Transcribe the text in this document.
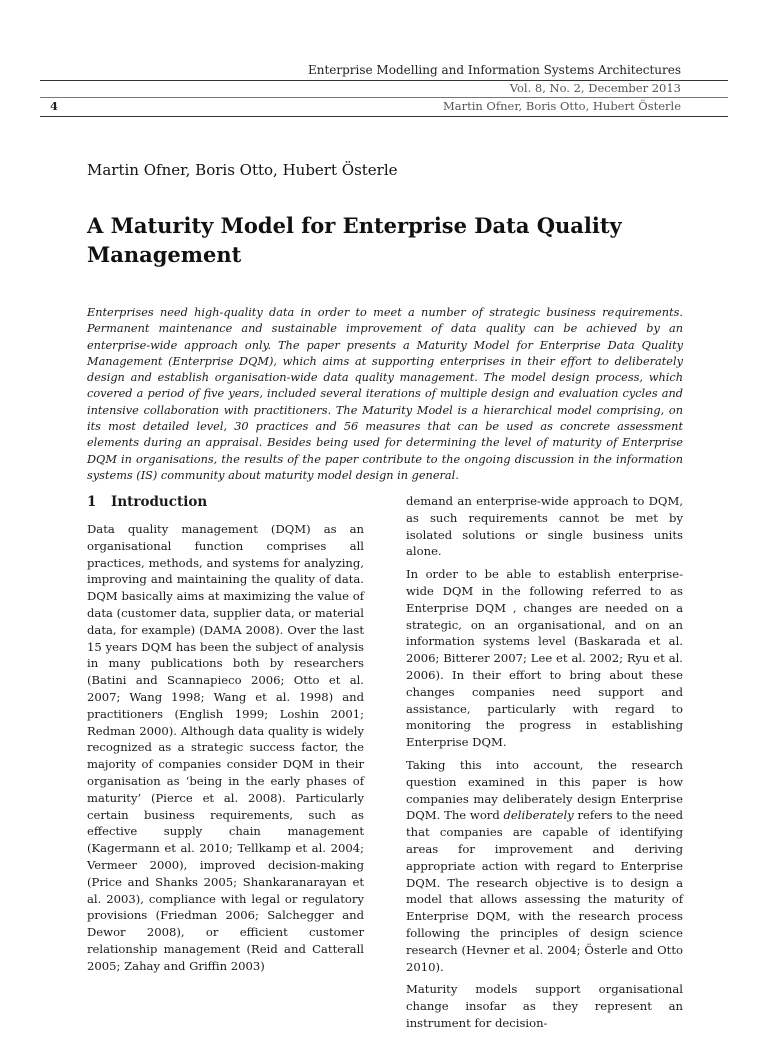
Enterprise Modelling and Information Systems Architectures
Vol. 8, No. 2, December 2013
4	Martin Ofner, Boris Otto, Hubert Österle
Martin Ofner, Boris Otto, Hubert Österle
A Maturity Model for Enterprise Data Quality Management
Enterprises need high-quality data in order to meet a number of strategic business requirements. Permanent maintenance and sustainable improvement of data quality can be achieved by an enterprise-wide approach only. The paper presents a Maturity Model for Enterprise Data Quality Management (Enterprise DQM), which aims at supporting enterprises in their effort to deliberately design and establish organisation-wide data quality management. The model design process, which covered a period of five years, included several iterations of multiple design and evaluation cycles and intensive collaboration with practitioners. The Maturity Model is a hierarchical model comprising, on its most detailed level, 30 practices and 56 measures that can be used as concrete assessment elements during an appraisal. Besides being used for determining the level of maturity of Enterprise DQM in organisations, the results of the paper contribute to the ongoing discussion in the information systems (IS) community about maturity model design in general.
1 Introduction

Data quality management (DQM) as an organisational function comprises all practices, methods, and systems for analyzing, improving and maintaining the quality of data. DQM basically aims at maximizing the value of data (customer data, supplier data, or material data, for example) (DAMA 2008). Over the last 15 years DQM has been the subject of analysis in many publications both by researchers (Batini and Scannapieco 2006; Otto et al. 2007; Wang 1998; Wang et al. 1998) and practitioners (English 1999; Loshin 2001; Redman 2000). Although data quality is widely recognized as a strategic success factor, the majority of companies consider DQM in their organisation as ‘being in the early phases of maturity’ (Pierce et al. 2008). Particularly certain business requirements, such as effective supply chain management (Kagermann et al. 2010; Tellkamp et al. 2004; Vermeer 2000), improved decision-making (Price and Shanks 2005; Shankaranarayan et al. 2003), compliance with legal or regulatory provisions (Friedman 2006; Salchegger and Dewor 2008), or efficient customer relationship management (Reid and Catterall 2005; Zahay and Griffin 2003)

demand an enterprise-wide approach to DQM, as such requirements cannot be met by isolated solutions or single business units alone.

In order to be able to establish enterprise-wide DQM in the following referred to as Enterprise DQM , changes are needed on a strategic, on an organisational, and on an information systems level (Baskarada et al. 2006; Bitterer 2007; Lee et al. 2002; Ryu et al. 2006). In their effort to bring about these changes companies need support and assistance, particularly with regard to monitoring the progress in establishing Enterprise DQM.

Taking this into account, the research question examined in this paper is how companies may deliberately design Enterprise DQM. The word deliberately refers to the need that companies are capable of identifying areas for improvement and deriving appropriate action with regard to Enterprise DQM. The research objective is to design a model that allows assessing the maturity of Enterprise DQM, with the research process following the principles of design science research (Hevner et al. 2004; Österle and Otto 2010).

Maturity models support organisational change insofar as they represent an instrument for decision-
